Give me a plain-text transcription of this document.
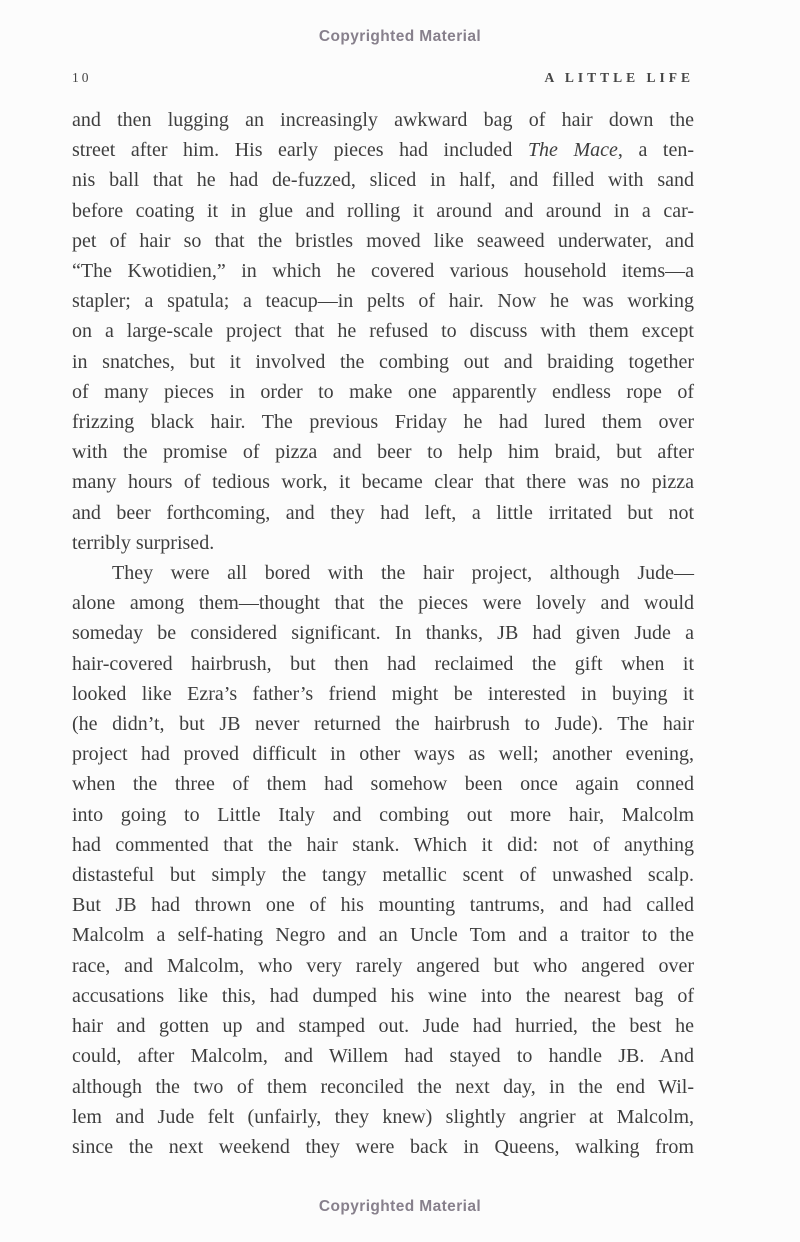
Copyrighted Material
10	A LITTLE LIFE
and then lugging an increasingly awkward bag of hair down the
street after him. His early pieces had included The Mace, a ten-
nis ball that he had de-fuzzed, sliced in half, and filled with sand
before coating it in glue and rolling it around and around in a car-
pet of hair so that the bristles moved like seaweed underwater, and
“The Kwotidien,” in which he covered various household items—a
stapler; a spatula; a teacup—in pelts of hair. Now he was working
on a large-scale project that he refused to discuss with them except
in snatches, but it involved the combing out and braiding together
of many pieces in order to make one apparently endless rope of
frizzing black hair. The previous Friday he had lured them over
with the promise of pizza and beer to help him braid, but after
many hours of tedious work, it became clear that there was no pizza
and beer forthcoming, and they had left, a little irritated but not
terribly surprised.
They were all bored with the hair project, although Jude—
alone among them—thought that the pieces were lovely and would
someday be considered significant. In thanks, JB had given Jude a
hair-covered hairbrush, but then had reclaimed the gift when it
looked like Ezra’s father’s friend might be interested in buying it
(he didn’t, but JB never returned the hairbrush to Jude). The hair
project had proved difficult in other ways as well; another evening,
when the three of them had somehow been once again conned
into going to Little Italy and combing out more hair, Malcolm
had commented that the hair stank. Which it did: not of anything
distasteful but simply the tangy metallic scent of unwashed scalp.
But JB had thrown one of his mounting tantrums, and had called
Malcolm a self-hating Negro and an Uncle Tom and a traitor to the
race, and Malcolm, who very rarely angered but who angered over
accusations like this, had dumped his wine into the nearest bag of
hair and gotten up and stamped out. Jude had hurried, the best he
could, after Malcolm, and Willem had stayed to handle JB. And
although the two of them reconciled the next day, in the end Wil-
lem and Jude felt (unfairly, they knew) slightly angrier at Malcolm,
since the next weekend they were back in Queens, walking from
Copyrighted Material
